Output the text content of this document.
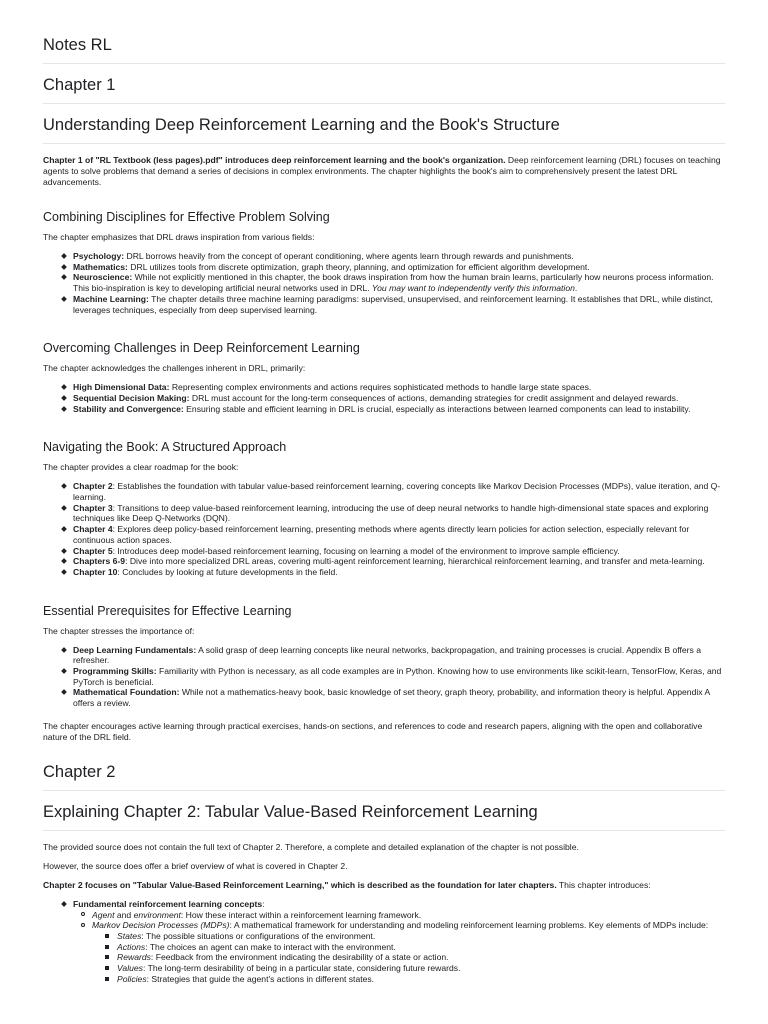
Notes RL
Chapter 1
Understanding Deep Reinforcement Learning and the Book's Structure

Chapter 1 of "RL Textbook (less pages).pdf" introduces deep reinforcement learning and the book's organization. Deep reinforcement learning (DRL) focuses on teaching agents to solve problems that demand a series of decisions in complex environments. The chapter highlights the book's aim to comprehensively present the latest DRL advancements.

Combining Disciplines for Effective Problem Solving

The chapter emphasizes that DRL draws inspiration from various fields:

Psychology: DRL borrows heavily from the concept of operant conditioning, where agents learn through rewards and punishments.
Mathematics: DRL utilizes tools from discrete optimization, graph theory, planning, and optimization for efficient algorithm development.
Neuroscience: While not explicitly mentioned in this chapter, the book draws inspiration from how the human brain learns, particularly how neurons process information. This bio-inspiration is key to developing artificial neural networks used in DRL. You may want to independently verify this information.
Machine Learning: The chapter details three machine learning paradigms: supervised, unsupervised, and reinforcement learning. It establishes that DRL, while distinct, leverages techniques, especially from deep supervised learning.
Overcoming Challenges in Deep Reinforcement Learning

The chapter acknowledges the challenges inherent in DRL, primarily:

High Dimensional Data: Representing complex environments and actions requires sophisticated methods to handle large state spaces.
Sequential Decision Making: DRL must account for the long-term consequences of actions, demanding strategies for credit assignment and delayed rewards.
Stability and Convergence: Ensuring stable and efficient learning in DRL is crucial, especially as interactions between learned components can lead to instability.
Navigating the Book: A Structured Approach

The chapter provides a clear roadmap for the book:

Chapter 2: Establishes the foundation with tabular value-based reinforcement learning, covering concepts like Markov Decision Processes (MDPs), value iteration, and Q-learning.
Chapter 3: Transitions to deep value-based reinforcement learning, introducing the use of deep neural networks to handle high-dimensional state spaces and exploring techniques like Deep Q-Networks (DQN).
Chapter 4: Explores deep policy-based reinforcement learning, presenting methods where agents directly learn policies for action selection, especially relevant for continuous action spaces.
Chapter 5: Introduces deep model-based reinforcement learning, focusing on learning a model of the environment to improve sample efficiency.
Chapters 6-9: Dive into more specialized DRL areas, covering multi-agent reinforcement learning, hierarchical reinforcement learning, and transfer and meta-learning.
Chapter 10: Concludes by looking at future developments in the field.
Essential Prerequisites for Effective Learning

The chapter stresses the importance of:

Deep Learning Fundamentals: A solid grasp of deep learning concepts like neural networks, backpropagation, and training processes is crucial. Appendix B offers a refresher.
Programming Skills: Familiarity with Python is necessary, as all code examples are in Python. Knowing how to use environments like scikit-learn, TensorFlow, Keras, and PyTorch is beneficial.
Mathematical Foundation: While not a mathematics-heavy book, basic knowledge of set theory, graph theory, probability, and information theory is helpful. Appendix A offers a review.

The chapter encourages active learning through practical exercises, hands-on sections, and references to code and research papers, aligning with the open and collaborative nature of the DRL field.

Chapter 2
Explaining Chapter 2: Tabular Value-Based Reinforcement Learning

The provided source does not contain the full text of Chapter 2. Therefore, a complete and detailed explanation of the chapter is not possible.

However, the source does offer a brief overview of what is covered in Chapter 2.

Chapter 2 focuses on "Tabular Value-Based Reinforcement Learning," which is described as the foundation for later chapters. This chapter introduces:

Fundamental reinforcement learning concepts:
Agent and environment: How these interact within a reinforcement learning framework.
Markov Decision Processes (MDPs): A mathematical framework for understanding and modeling reinforcement learning problems. Key elements of MDPs include:
States: The possible situations or configurations of the environment.
Actions: The choices an agent can make to interact with the environment.
Rewards: Feedback from the environment indicating the desirability of a state or action.
Values: The long-term desirability of being in a particular state, considering future rewards.
Policies: Strategies that guide the agent's actions in different states.
